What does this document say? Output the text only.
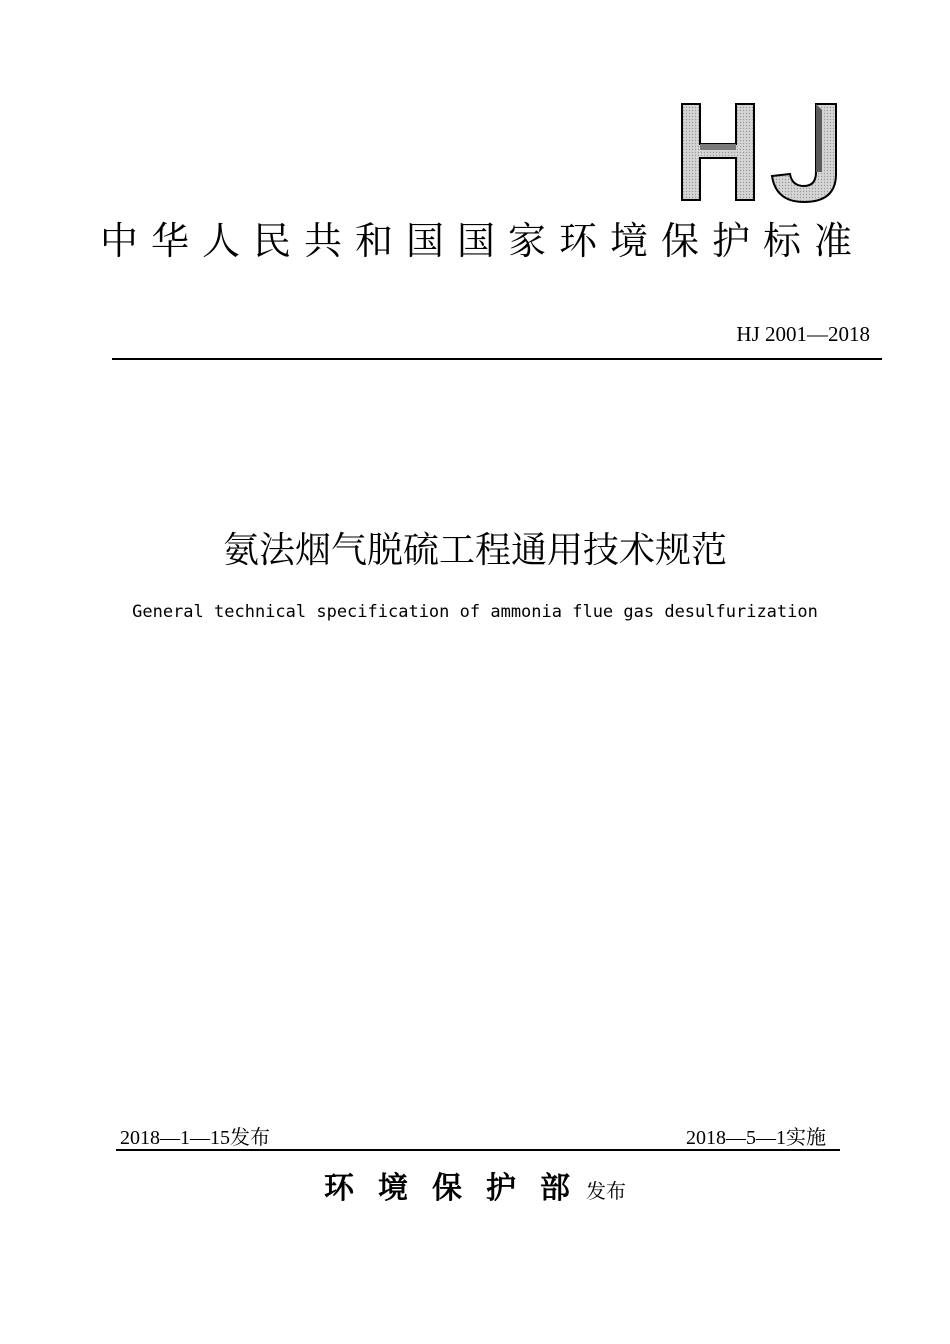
中华人民共和国国家环境保护标准
HJ 2001—2018
氨法烟气脱硫工程通用技术规范
General technical specification of ammonia flue gas desulfurization
2018—1—15发布	2018—5—1实施
环境保护部发布
